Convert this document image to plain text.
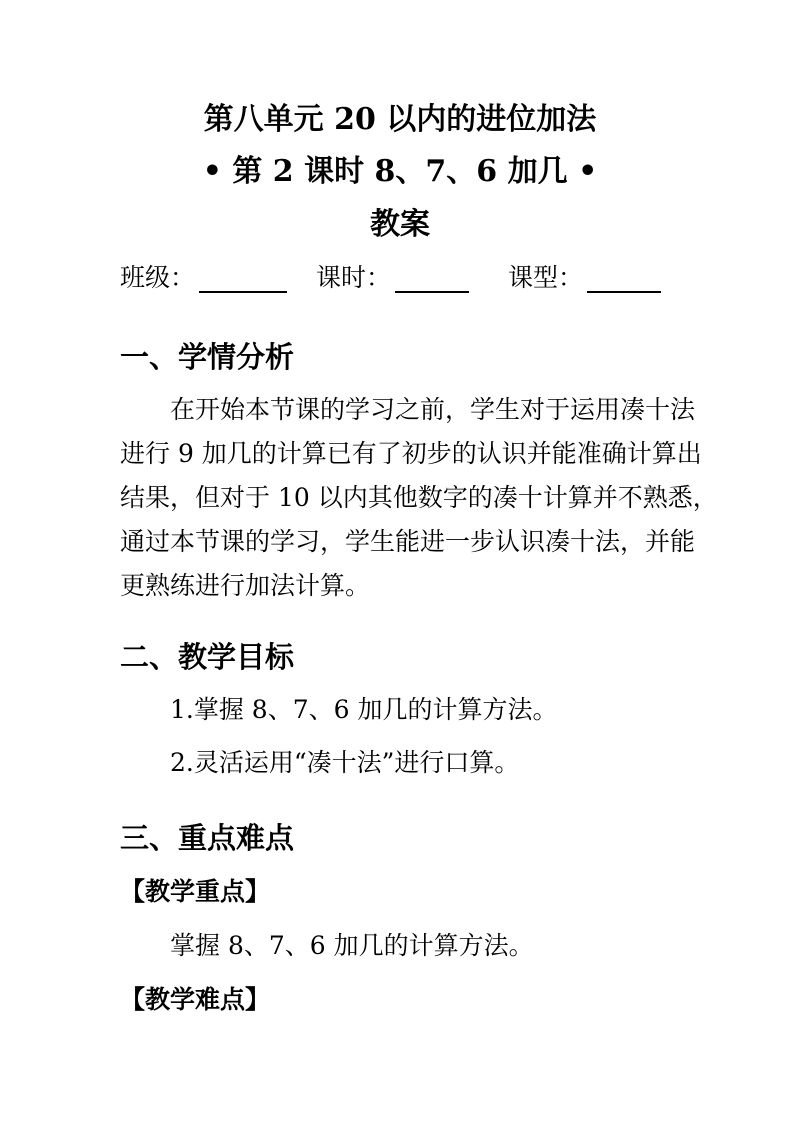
第八单元 20 以内的进位加法
• 第 2 课时 8、7、6 加几 •
教案
班级：	课时：	课型：
一、学情分析
在开始本节课的学习之前，学生对于运用凑十法
进行 9 加几的计算已有了初步的认识并能准确计算出
结果，但对于 10 以内其他数字的凑十计算并不熟悉，
通过本节课的学习，学生能进一步认识凑十法，并能
更熟练进行加法计算。
二、教学目标
1.掌握 8、7、6 加几的计算方法。
2.灵活运用“凑十法”进行口算。
三、重点难点
【教学重点】
掌握 8、7、6 加几的计算方法。
【教学难点】
